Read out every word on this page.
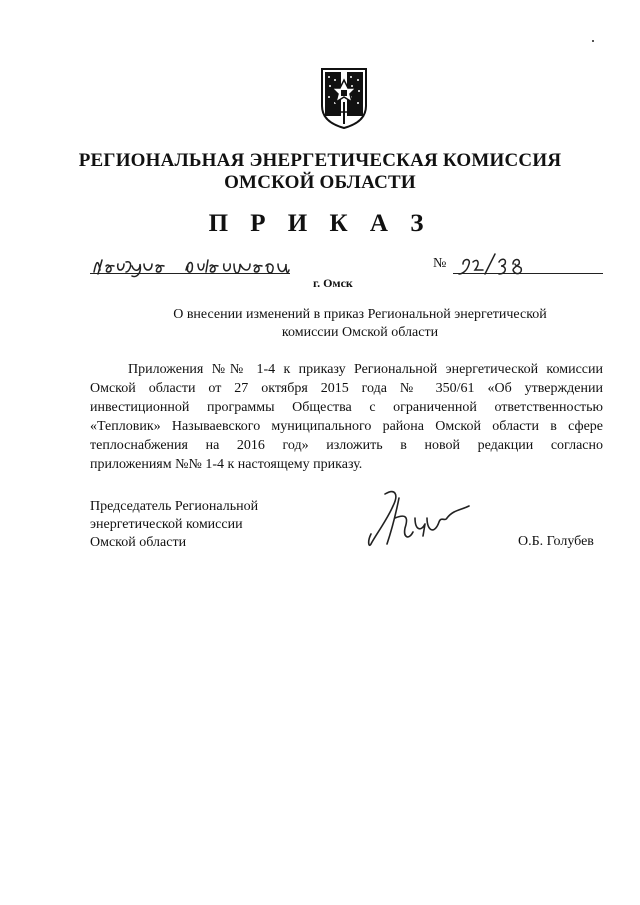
РЕГИОНАЛЬНАЯ ЭНЕРГЕТИЧЕСКАЯ КОМИССИЯ
ОМСКОЙ ОБЛАСТИ
П Р И К А З
г. Омск
№
О внесении изменений в приказ Региональной энергетической
комиссии Омской области
Приложения №№ 1-4 к приказу Региональной энергетической комиссии
Омской области от 27 октября 2015 года № 350/61 «Об утверждении
инвестиционной программы Общества с ограниченной ответственностью
«Тепловик» Называевского муниципального района Омской области в сфере
теплоснабжения на 2016 год» изложить в новой редакции согласно
приложениям №№ 1-4 к настоящему приказу.
Председатель Региональной
энергетической комиссии
Омской области	О.Б. Голубев
